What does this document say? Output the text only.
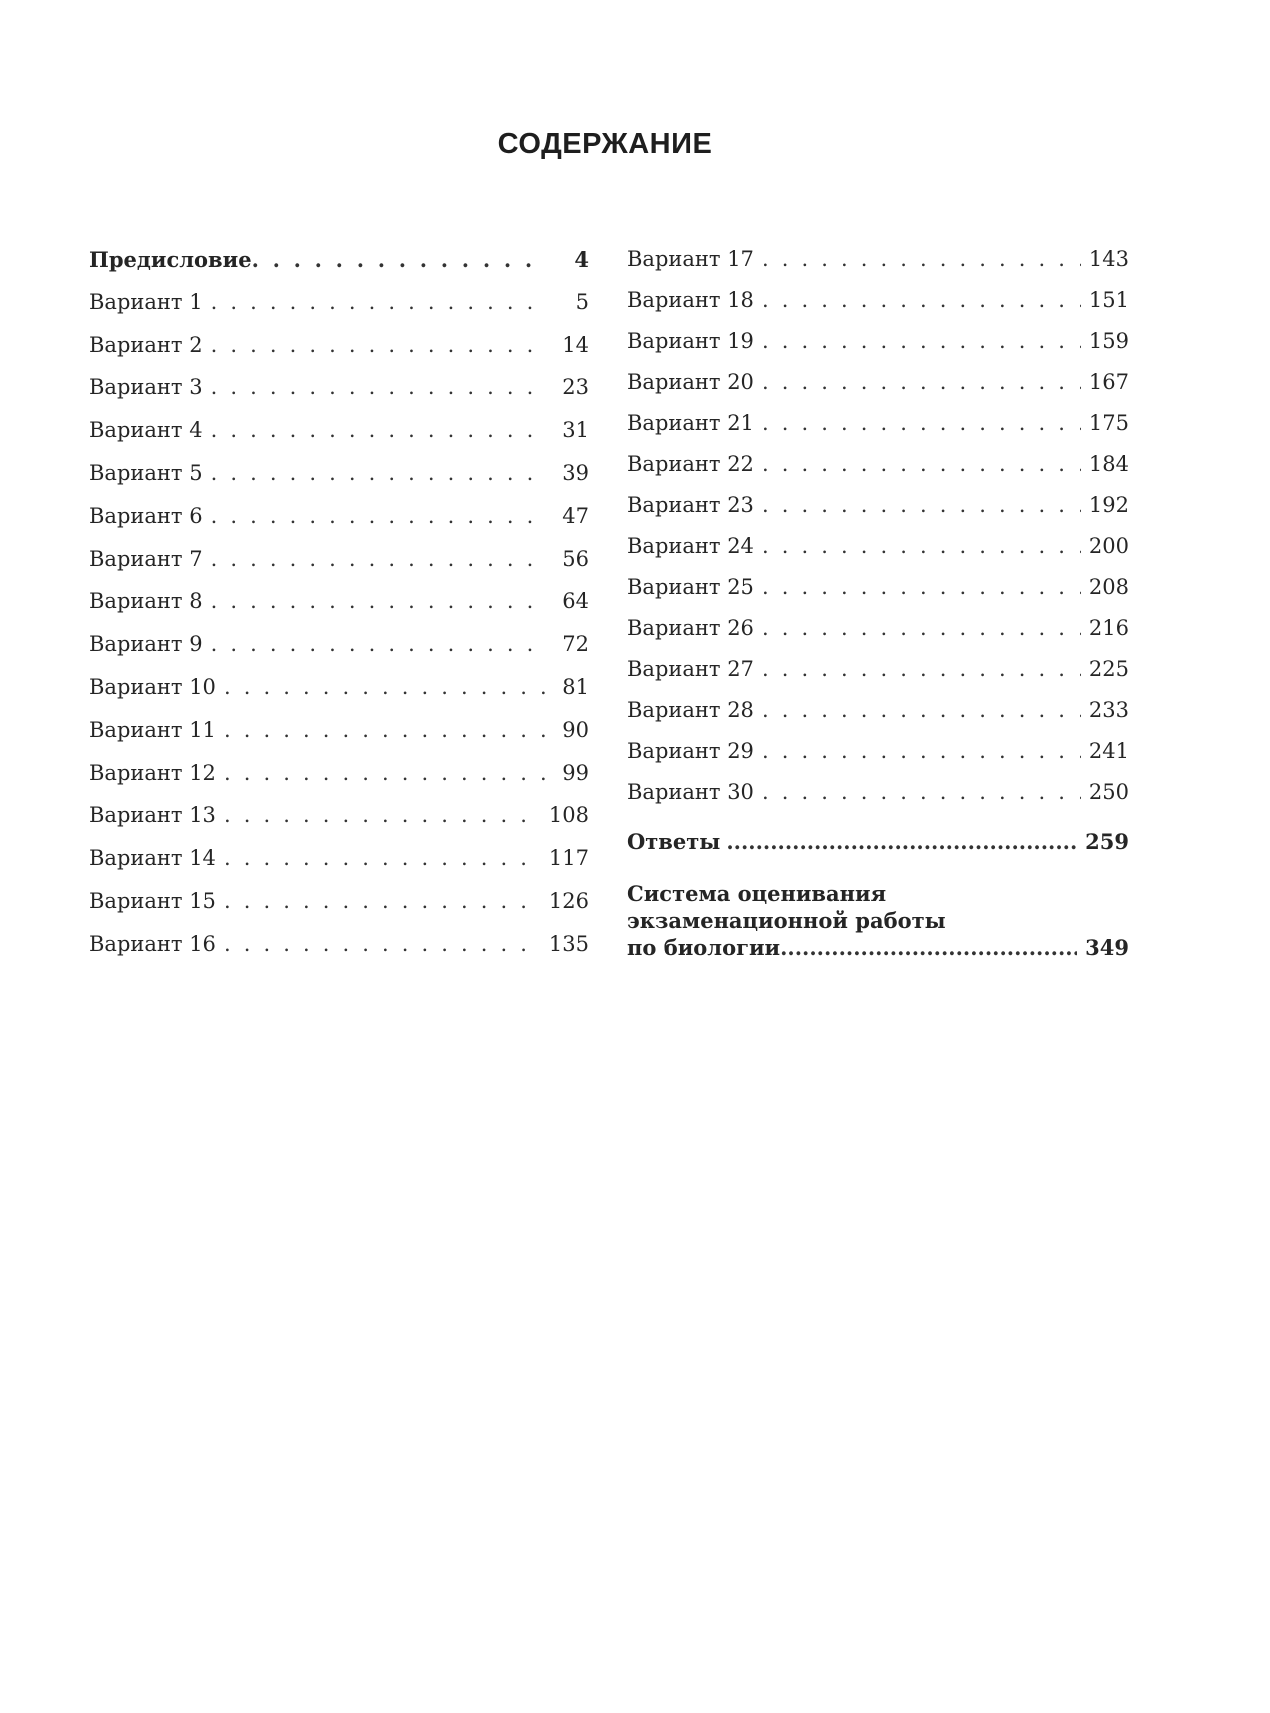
СОДЕРЖАНИЕ
Предисловие . . .	4
Вариант 1 . . .	5
Вариант 2 . . .	14
Вариант 3 . . .	23
Вариант 4 . . .	31
Вариант 5 . . .	39
Вариант 6 . . .	47
Вариант 7 . . .	56
Вариант 8 . . .	64
Вариант 9 . . .	72
Вариант 10 . . .	81
Вариант 11 . . .	90
Вариант 12 . . .	99
Вариант 13 . . .	108
Вариант 14 . . .	117
Вариант 15 . . .	126
Вариант 16 . . .	135
Вариант 17 . . .	143
Вариант 18 . . .	151
Вариант 19 . . .	159
Вариант 20 . . .	167
Вариант 21 . . .	175
Вариант 22 . . .	184
Вариант 23 . . .	192
Вариант 24 . . .	200
Вариант 25 . . .	208
Вариант 26 . . .	216
Вариант 27 . . .	225
Вариант 28 . . .	233
Вариант 29 . . .	241
Вариант 30 . . .	250
Ответы .....	259
Система оценивания
экзаменационной работы
по биологии .....	349
